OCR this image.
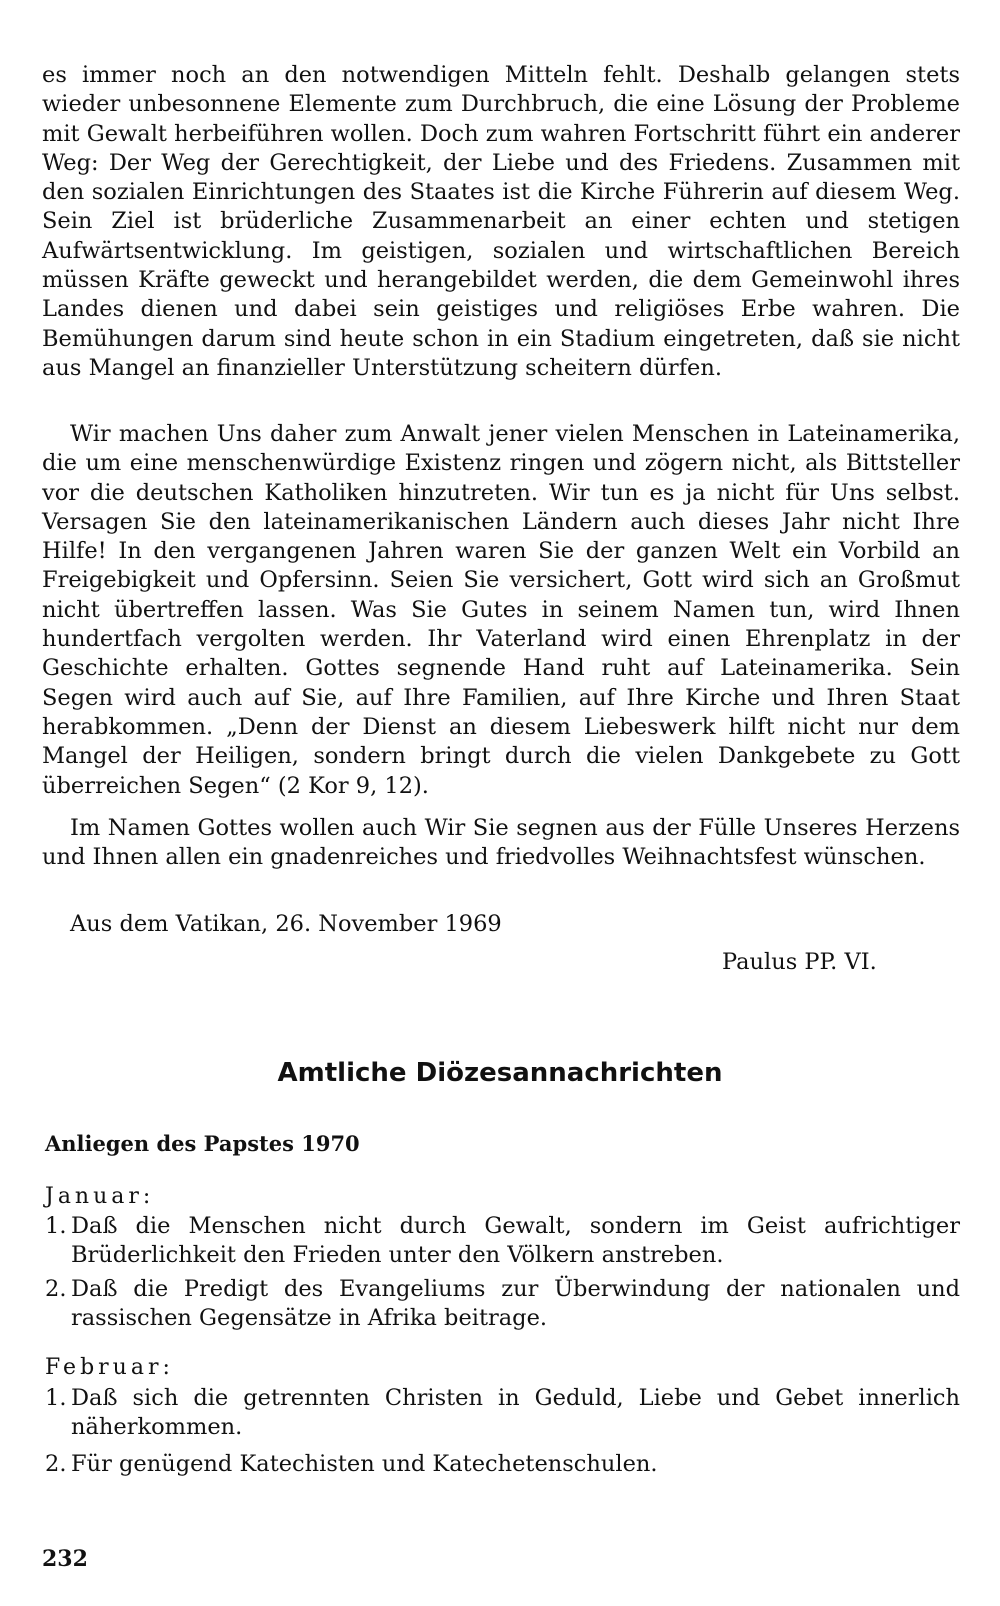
es immer noch an den notwendigen Mitteln fehlt. Deshalb gelangen stets wieder unbesonnene Elemente zum Durchbruch, die eine Lösung der Probleme mit Gewalt herbeiführen wollen. Doch zum wahren Fortschritt führt ein anderer Weg: Der Weg der Gerechtigkeit, der Liebe und des Friedens. Zusammen mit den sozialen Einrichtungen des Staates ist die Kirche Führerin auf diesem Weg. Sein Ziel ist brüderliche Zusammenarbeit an einer echten und stetigen Aufwärtsentwicklung. Im geistigen, sozialen und wirtschaftlichen Bereich müssen Kräfte geweckt und herangebildet werden, die dem Gemeinwohl ihres Landes dienen und dabei sein geistiges und religiöses Erbe wahren. Die Bemühungen darum sind heute schon in ein Stadium eingetreten, daß sie nicht aus Mangel an finanzieller Unterstützung scheitern dürfen.

Wir machen Uns daher zum Anwalt jener vielen Menschen in Lateinamerika, die um eine menschenwürdige Existenz ringen und zögern nicht, als Bittsteller vor die deutschen Katholiken hinzutreten. Wir tun es ja nicht für Uns selbst. Versagen Sie den lateinamerikanischen Ländern auch dieses Jahr nicht Ihre Hilfe! In den vergangenen Jahren waren Sie der ganzen Welt ein Vorbild an Freigebigkeit und Opfersinn. Seien Sie versichert, Gott wird sich an Großmut nicht übertreffen lassen. Was Sie Gutes in seinem Namen tun, wird Ihnen hundertfach vergolten werden. Ihr Vaterland wird einen Ehrenplatz in der Geschichte erhalten. Gottes segnende Hand ruht auf Lateinamerika. Sein Segen wird auch auf Sie, auf Ihre Familien, auf Ihre Kirche und Ihren Staat herabkommen. „Denn der Dienst an diesem Liebeswerk hilft nicht nur dem Mangel der Heiligen, sondern bringt durch die vielen Dankgebete zu Gott überreichen Segen“ (2 Kor 9, 12).

Im Namen Gottes wollen auch Wir Sie segnen aus der Fülle Unseres Herzens und Ihnen allen ein gnadenreiches und friedvolles Weihnachtsfest wünschen.

Aus dem Vatikan, 26. November 1969

Paulus PP. VI.

Amtliche Diözesannachrichten
Anliegen des Papstes 1970

Januar:

1. Daß die Menschen nicht durch Gewalt, sondern im Geist aufrichtiger Brüderlichkeit den Frieden unter den Völkern anstreben.
2. Daß die Predigt des Evangeliums zur Überwindung der nationalen und rassischen Gegensätze in Afrika beitrage.

Februar:

1. Daß sich die getrennten Christen in Geduld, Liebe und Gebet innerlich näherkommen.
2. Für genügend Katechisten und Katechetenschulen.

232
